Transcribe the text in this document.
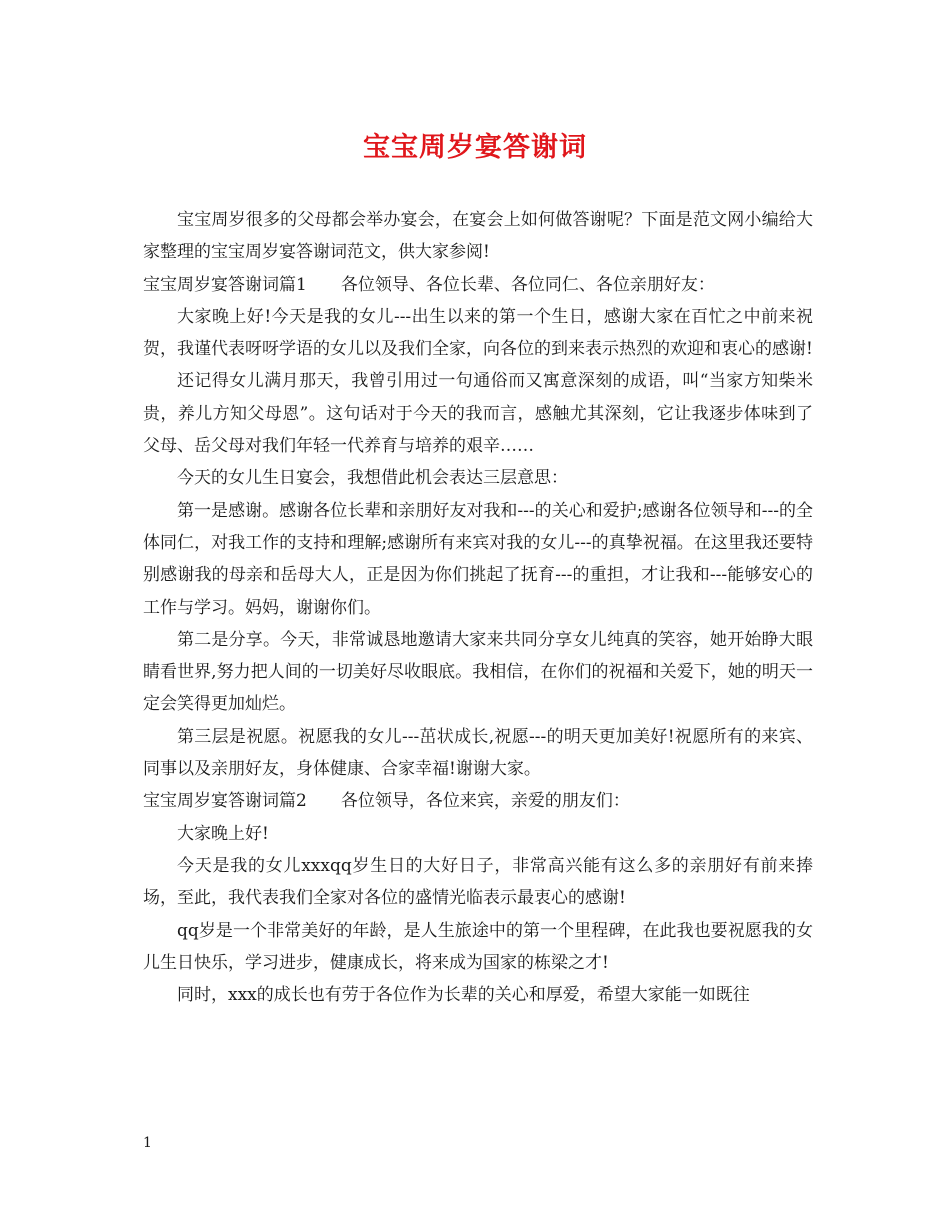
宝宝周岁宴答谢词

宝宝周岁很多的父母都会举办宴会，在宴会上如何做答谢呢？下面是范文网小编给大家整理的宝宝周岁宴答谢词范文，供大家参阅!

宝宝周岁宴答谢词篇1　　各位领导、各位长辈、各位同仁、各位亲朋好友：

大家晚上好!今天是我的女儿---出生以来的第一个生日，感谢大家在百忙之中前来祝贺，我谨代表呀呀学语的女儿以及我们全家，向各位的到来表示热烈的欢迎和衷心的感谢!

还记得女儿满月那天，我曾引用过一句通俗而又寓意深刻的成语，叫“当家方知柴米贵，养儿方知父母恩”。这句话对于今天的我而言，感触尤其深刻，它让我逐步体味到了父母、岳父母对我们年轻一代养育与培养的艰辛……

今天的女儿生日宴会，我想借此机会表达三层意思：

第一是感谢。感谢各位长辈和亲朋好友对我和---的关心和爱护;感谢各位领导和---的全体同仁，对我工作的支持和理解;感谢所有来宾对我的女儿---的真挚祝福。在这里我还要特别感谢我的母亲和岳母大人，正是因为你们挑起了抚育---的重担，才让我和---能够安心的工作与学习。妈妈，谢谢你们。

第二是分享。今天，非常诚恳地邀请大家来共同分享女儿纯真的笑容，她开始睁大眼睛看世界,努力把人间的一切美好尽收眼底。我相信，在你们的祝福和关爱下，她的明天一定会笑得更加灿烂。

第三层是祝愿。祝愿我的女儿---茁状成长,祝愿---的明天更加美好!祝愿所有的来宾、同事以及亲朋好友，身体健康、合家幸福!谢谢大家。

宝宝周岁宴答谢词篇2　　各位领导，各位来宾，亲爱的朋友们：

大家晚上好!

今天是我的女儿xxxqq岁生日的大好日子，非常高兴能有这么多的亲朋好有前来捧场，至此，我代表我们全家对各位的盛情光临表示最衷心的感谢!

qq岁是一个非常美好的年龄，是人生旅途中的第一个里程碑，在此我也要祝愿我的女儿生日快乐，学习进步，健康成长，将来成为国家的栋梁之才!

同时，xxx的成长也有劳于各位作为长辈的关心和厚爱，希望大家能一如既往

1
